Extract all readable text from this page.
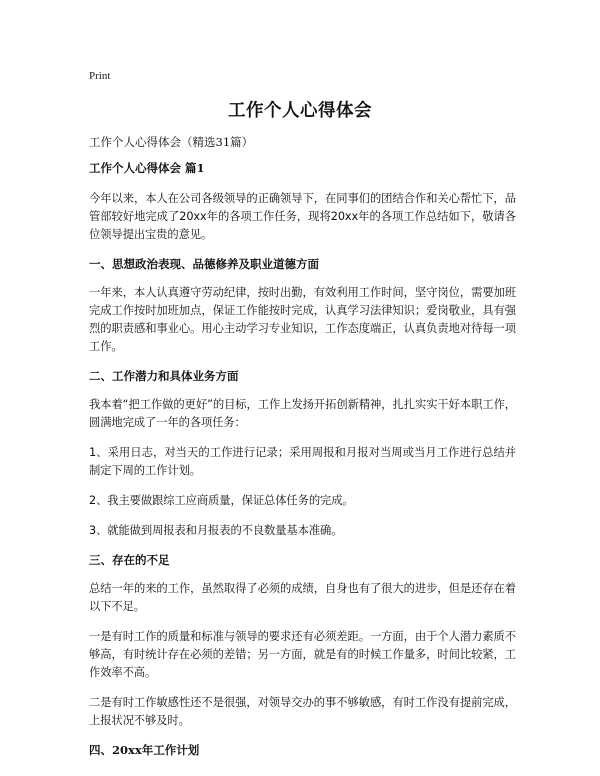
Print
工作个人心得体会
工作个人心得体会（精选31篇）
工作个人心得体会 篇1
今年以来，本人在公司各级领导的正确领导下，在同事们的团结合作和关心帮忙下，品管部较好地完成了20xx年的各项工作任务，现将20xx年的各项工作总结如下，敬请各位领导提出宝贵的意见。
一、思想政治表现、品德修养及职业道德方面
一年来，本人认真遵守劳动纪律，按时出勤，有效利用工作时间，坚守岗位，需要加班完成工作按时加班加点，保证工作能按时完成，认真学习法律知识；爱岗敬业，具有强烈的职责感和事业心。用心主动学习专业知识，工作态度端正，认真负责地对待每一项工作。
二、工作潜力和具体业务方面
我本着“把工作做的更好”的目标，工作上发扬开拓创新精神，扎扎实实干好本职工作，圆满地完成了一年的各项任务：
1、采用日志，对当天的工作进行记录；采用周报和月报对当周或当月工作进行总结并制定下周的工作计划。
2、我主要做跟综工应商质量，保证总体任务的完成。
3、就能做到周报表和月报表的不良数量基本准确。
三、存在的不足
总结一年的来的工作，虽然取得了必须的成绩，自身也有了很大的进步，但是还存在着以下不足。
一是有时工作的质量和标准与领导的要求还有必须差距。一方面，由于个人潜力素质不够高，有时统计存在必须的差错；另一方面，就是有的时候工作量多，时间比较紧，工作效率不高。
二是有时工作敏感性还不是很强，对领导交办的事不够敏感，有时工作没有提前完成，上报状况不够及时。
四、20xx年工作计划
